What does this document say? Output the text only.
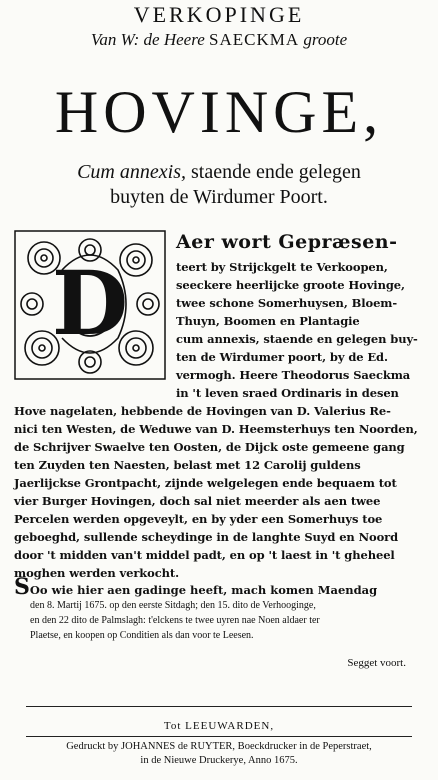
VERKOPINGE
Van W: de Heere SAECKMA groote
HOVINGE,
Cum annexis, staende ende gelegen
buyten de Wirdumer Poort.
D
Aer wort Gepræsen-
teert by Strijckgelt te Verkoopen,
seeckere heerlijcke groote Hovinge,
twee schone Somerhuysen, Bloem-
Thuyn, Boomen en Plantagie
cum annexis, staende en gelegen buy-
ten de Wirdumer poort, by de Ed.
vermogh. Heere Theodorus Saeckma
in 't leven sraed Ordinaris in desen
Hove nagelaten, hebbende de Hovingen van D. Valerius Re-
nici ten Westen, de Weduwe van D. Heemsterhuys ten Noorden,
de Schrijver Swaelve ten Oosten, de Dijck oste gemeene gang
ten Zuyden ten Naesten, belast met 12 Carolij guldens
Jaerlijckse Grontpacht, zijnde welgelegen ende bequaem tot
vier Burger Hovingen, doch sal niet meerder als aen twee
Percelen werden opgeveylt, en by yder een Somerhuys toe
geboeghd, sullende scheydinge in de langhte Suyd en Noord
door 't midden van't middel padt, en op 't laest in 't gheheel
moghen werden verkocht.
SOo wie hier aen gadinge heeft, mach komen Maendag
den 8. Martij 1675. op den eerste Sitdagh; den 15. dito de Verhooginge,
en den 22 dito de Palmslagh: t'elckens te twee uyren nae Noen aldaer ter
Plaetse, en koopen op Conditien als dan voor te Leesen.
Segget voort.
Tot LEEUWARDEN,
Gedruckt by JOHANNES de RUYTER, Boeckdrucker in de Peperstraet,
in de Nieuwe Druckerye, Anno 1675.
